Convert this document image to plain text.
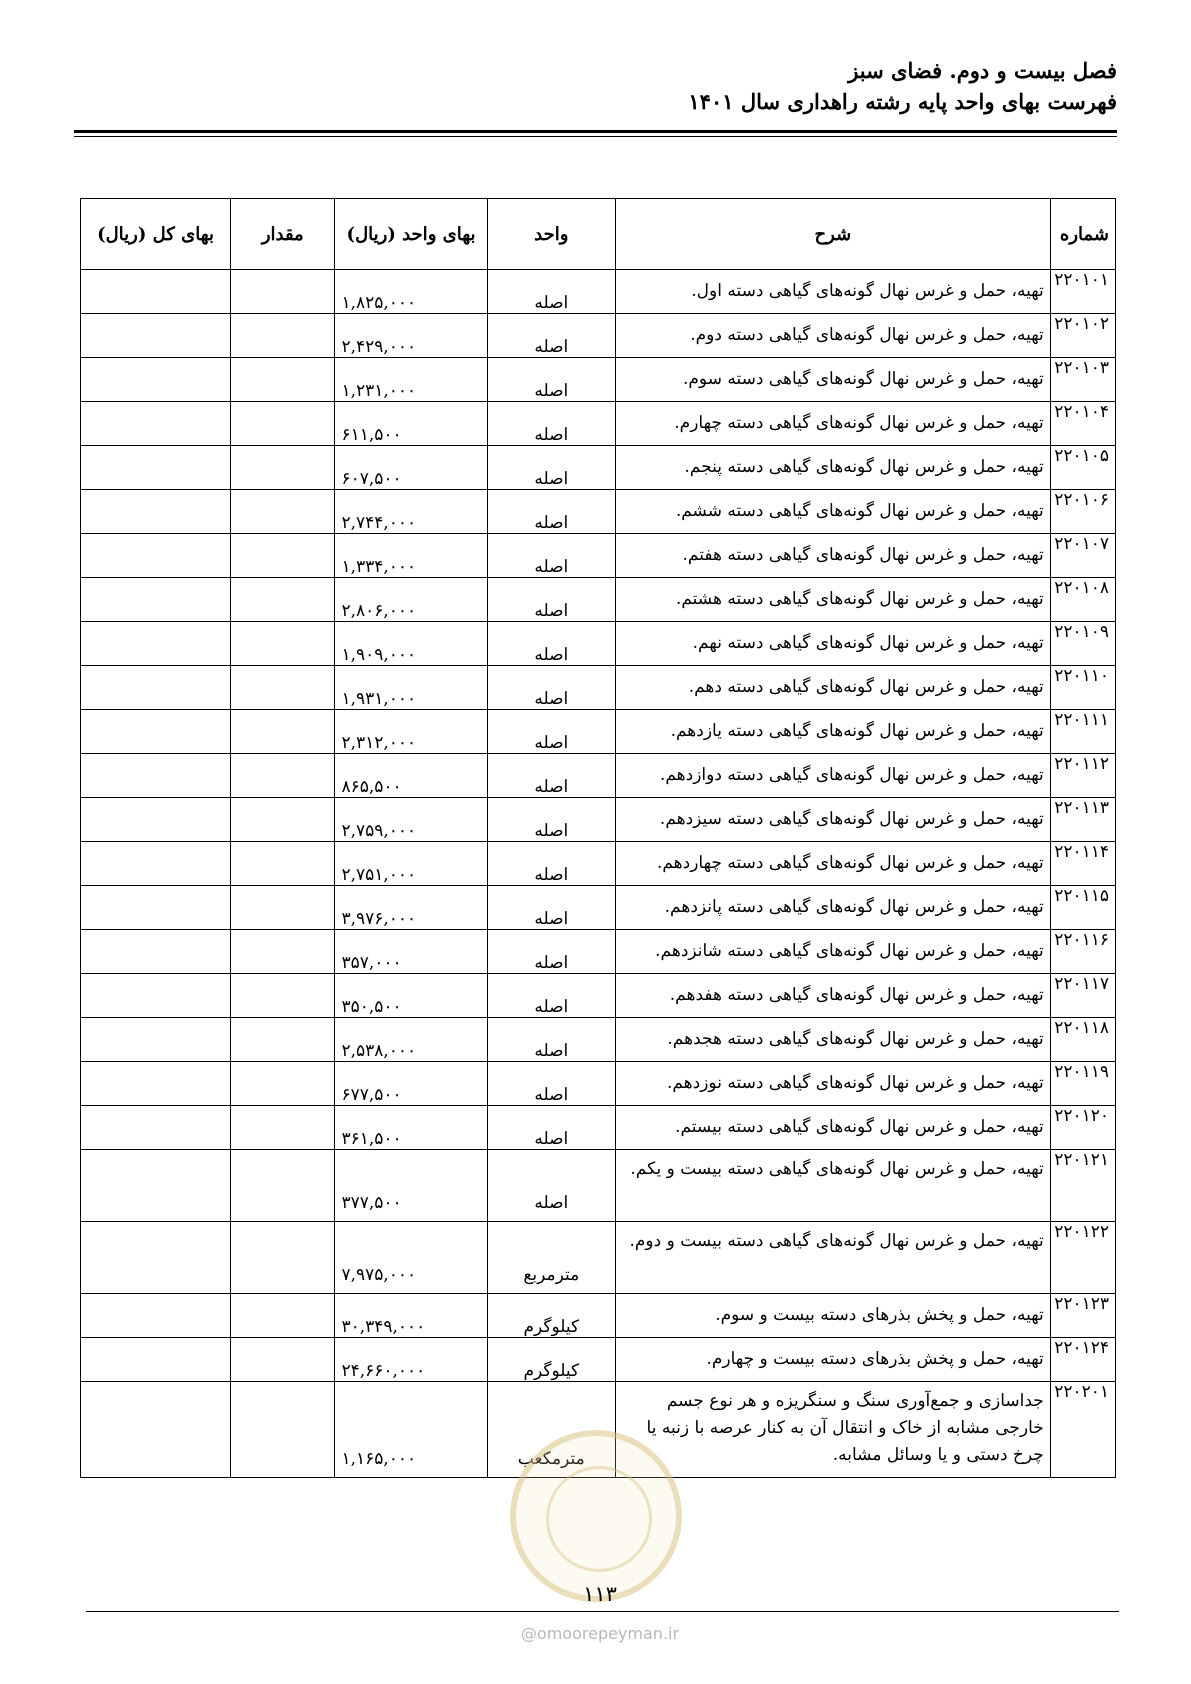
فصل بیست و دوم. فضای سبز
فهرست بهای واحد پایه رشته راهداری سال ۱۴۰۱
شماره	شرح	واحد	بهای واحد (ریال)	مقدار	بهای کل (ریال)
۲۲۰۱۰۱	تهیه، حمل و غرس نهال گونه‌های گیاهی دسته اول.	اصله	۱,۸۲۵,۰۰۰		
۲۲۰۱۰۲	تهیه، حمل و غرس نهال گونه‌های گیاهی دسته دوم.	اصله	۲,۴۲۹,۰۰۰		
۲۲۰۱۰۳	تهیه، حمل و غرس نهال گونه‌های گیاهی دسته سوم.	اصله	۱,۲۳۱,۰۰۰		
۲۲۰۱۰۴	تهیه، حمل و غرس نهال گونه‌های گیاهی دسته چهارم.	اصله	۶۱۱,۵۰۰		
۲۲۰۱۰۵	تهیه، حمل و غرس نهال گونه‌های گیاهی دسته پنجم.	اصله	۶۰۷,۵۰۰		
۲۲۰۱۰۶	تهیه، حمل و غرس نهال گونه‌های گیاهی دسته ششم.	اصله	۲,۷۴۴,۰۰۰		
۲۲۰۱۰۷	تهیه، حمل و غرس نهال گونه‌های گیاهی دسته هفتم.	اصله	۱,۳۳۴,۰۰۰		
۲۲۰۱۰۸	تهیه، حمل و غرس نهال گونه‌های گیاهی دسته هشتم.	اصله	۲,۸۰۶,۰۰۰		
۲۲۰۱۰۹	تهیه، حمل و غرس نهال گونه‌های گیاهی دسته نهم.	اصله	۱,۹۰۹,۰۰۰		
۲۲۰۱۱۰	تهیه، حمل و غرس نهال گونه‌های گیاهی دسته دهم.	اصله	۱,۹۳۱,۰۰۰		
۲۲۰۱۱۱	تهیه، حمل و غرس نهال گونه‌های گیاهی دسته یازدهم.	اصله	۲,۳۱۲,۰۰۰		
۲۲۰۱۱۲	تهیه، حمل و غرس نهال گونه‌های گیاهی دسته دوازدهم.	اصله	۸۶۵,۵۰۰		
۲۲۰۱۱۳	تهیه، حمل و غرس نهال گونه‌های گیاهی دسته سیزدهم.	اصله	۲,۷۵۹,۰۰۰		
۲۲۰۱۱۴	تهیه، حمل و غرس نهال گونه‌های گیاهی دسته چهاردهم.	اصله	۲,۷۵۱,۰۰۰		
۲۲۰۱۱۵	تهیه، حمل و غرس نهال گونه‌های گیاهی دسته پانزدهم.	اصله	۳,۹۷۶,۰۰۰		
۲۲۰۱۱۶	تهیه، حمل و غرس نهال گونه‌های گیاهی دسته شانزدهم.	اصله	۳۵۷,۰۰۰		
۲۲۰۱۱۷	تهیه، حمل و غرس نهال گونه‌های گیاهی دسته هفدهم.	اصله	۳۵۰,۵۰۰		
۲۲۰۱۱۸	تهیه، حمل و غرس نهال گونه‌های گیاهی دسته هجدهم.	اصله	۲,۵۳۸,۰۰۰		
۲۲۰۱۱۹	تهیه، حمل و غرس نهال گونه‌های گیاهی دسته نوزدهم.	اصله	۶۷۷,۵۰۰		
۲۲۰۱۲۰	تهیه، حمل و غرس نهال گونه‌های گیاهی دسته بیستم.	اصله	۳۶۱,۵۰۰		
۲۲۰۱۲۱	تهیه، حمل و غرس نهال گونه‌های گیاهی دسته بیست و یکم.	اصله	۳۷۷,۵۰۰		
۲۲۰۱۲۲	تهیه، حمل و غرس نهال گونه‌های گیاهی دسته بیست و دوم.	مترمربع	۷,۹۷۵,۰۰۰		
۲۲۰۱۲۳	تهیه، حمل و پخش بذرهای دسته بیست و سوم.	کیلوگرم	۳۰,۳۴۹,۰۰۰		
۲۲۰۱۲۴	تهیه، حمل و پخش بذرهای دسته بیست و چهارم.	کیلوگرم	۲۴,۶۶۰,۰۰۰		
۲۲۰۲۰۱	جداسازی و جمع‌آوری سنگ و سنگریزه و هر نوع جسم خارجی مشابه از خاک و انتقال آن به کنار عرصه با زنبه یا چرخ دستی و یا وسائل مشابه.	مترمکعب	۱,۱۶۵,۰۰۰		
۱۱۳
@omoorepeyman.ir
